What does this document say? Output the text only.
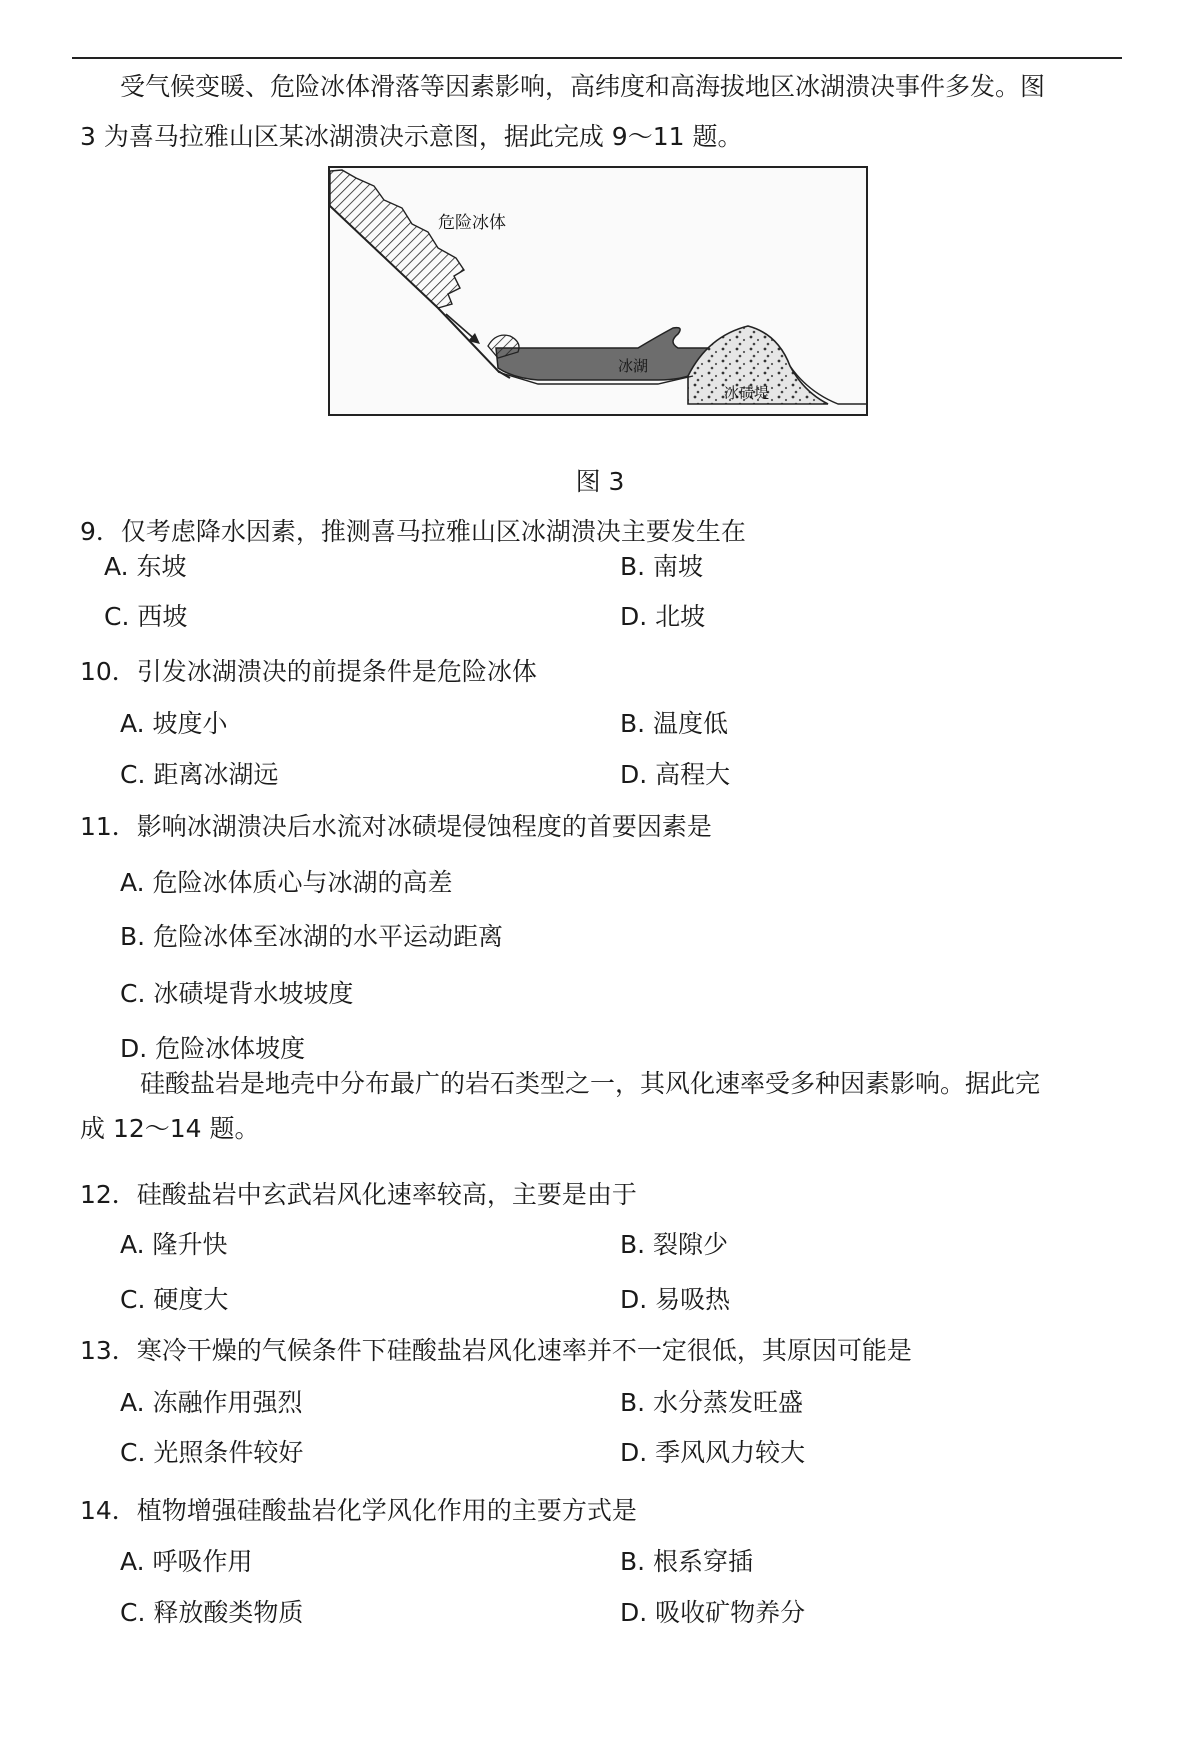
受气候变暖、危险冰体滑落等因素影响，高纬度和高海拔地区冰湖溃决事件多发。图
3 为喜马拉雅山区某冰湖溃决示意图，据此完成 9～11 题。
危险冰体
冰湖
冰碛堤
图 3
9．仅考虑降水因素，推测喜马拉雅山区冰湖溃决主要发生在
A. 东坡	B. 南坡
C. 西坡	D. 北坡
10．引发冰湖溃决的前提条件是危险冰体
A. 坡度小	B. 温度低
C. 距离冰湖远	D. 高程大
11．影响冰湖溃决后水流对冰碛堤侵蚀程度的首要因素是
A. 危险冰体质心与冰湖的高差
B. 危险冰体至冰湖的水平运动距离
C. 冰碛堤背水坡坡度
D. 危险冰体坡度
硅酸盐岩是地壳中分布最广的岩石类型之一，其风化速率受多种因素影响。据此完
成 12～14 题。
12．硅酸盐岩中玄武岩风化速率较高，主要是由于
A. 隆升快	B. 裂隙少
C. 硬度大	D. 易吸热
13．寒冷干燥的气候条件下硅酸盐岩风化速率并不一定很低，其原因可能是
A. 冻融作用强烈	B. 水分蒸发旺盛
C. 光照条件较好	D. 季风风力较大
14．植物增强硅酸盐岩化学风化作用的主要方式是
A. 呼吸作用	B. 根系穿插
C. 释放酸类物质	D. 吸收矿物养分
